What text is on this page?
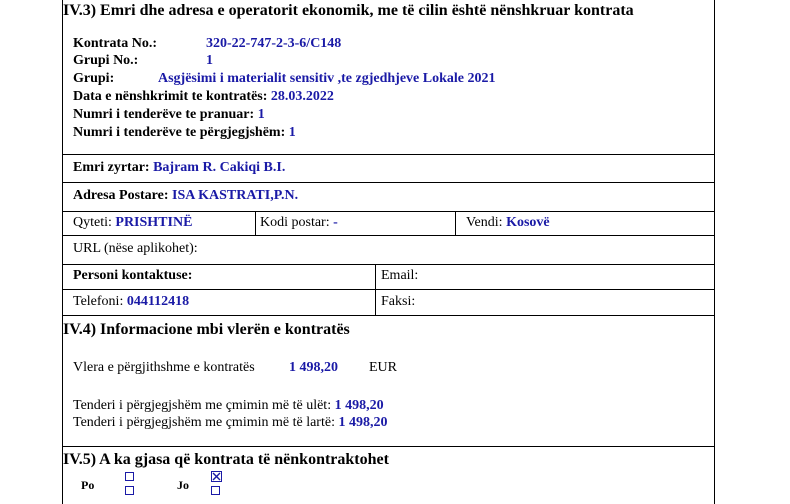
IV.3) Emri dhe adresa e operatorit ekonomik, me të cilin është nënshkruar kontrata
Kontrata No.:	320-22-747-2-3-6/C148
Grupi No.:	1
Grupi:	Asgjësimi i materialit sensitiv ,te zgjedhjeve Lokale 2021
Data e nënshkrimit te kontratës: 28.03.2022
Numri i tenderëve te pranuar: 1
Numri i tenderëve te përgjegjshëm: 1
Emri zyrtar: Bajram R. Cakiqi B.I.
Adresa Postare: ISA KASTRATI,P.N.
Qyteti: PRISHTINË	Kodi postar: -	Vendi: Kosovë
URL (nëse aplikohet):
Personi kontaktuse:	Email:
Telefoni: 044112418	Faksi:
IV.4) Informacione mbi vlerën e kontratës
Vlera e përgjithshme e kontratës 1 498,20 EUR
Tenderi i përgjegjshëm me çmimin më të ulët: 1 498,20
Tenderi i përgjegjshëm me çmimin më të lartë: 1 498,20
IV.5) A ka gjasa që kontrata të nënkontraktohet
Po	Jo
